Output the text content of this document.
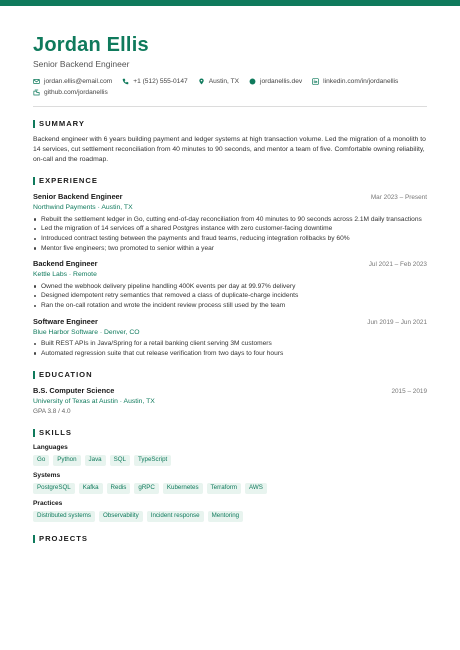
Jordan Ellis
Senior Backend Engineer
jordan.ellis@email.com	+1 (512) 555-0147	Austin, TX	jordanellis.dev	linkedin.com/in/jordanellis
github.com/jordanellis
SUMMARY
Backend engineer with 6 years building payment and ledger systems at high transaction volume. Led the migration of a monolith to 14 services, cut settlement reconciliation from 40 minutes to 90 seconds, and mentor a team of five. Comfortable owning reliability, on-call and the roadmap.
EXPERIENCE
Senior Backend Engineer	Mar 2023 – Present
Northwind Payments · Austin, TX
Rebuilt the settlement ledger in Go, cutting end-of-day reconciliation from 40 minutes to 90 seconds across 2.1M daily transactions
Led the migration of 14 services off a shared Postgres instance with zero customer-facing downtime
Introduced contract testing between the payments and fraud teams, reducing integration rollbacks by 60%
Mentor five engineers; two promoted to senior within a year
Backend Engineer	Jul 2021 – Feb 2023
Kettle Labs · Remote
Owned the webhook delivery pipeline handling 400K events per day at 99.97% delivery
Designed idempotent retry semantics that removed a class of duplicate-charge incidents
Ran the on-call rotation and wrote the incident review process still used by the team
Software Engineer	Jun 2019 – Jun 2021
Blue Harbor Software · Denver, CO
Built REST APIs in Java/Spring for a retail banking client serving 3M customers
Automated regression suite that cut release verification from two days to four hours
EDUCATION
B.S. Computer Science	2015 – 2019
University of Texas at Austin · Austin, TX
GPA 3.8 / 4.0
SKILLS
Languages
Go	Python	Java	SQL	TypeScript
Systems
PostgreSQL	Kafka	Redis	gRPC	Kubernetes	Terraform	AWS
Practices
Distributed systems	Observability	Incident response	Mentoring
PROJECTS
